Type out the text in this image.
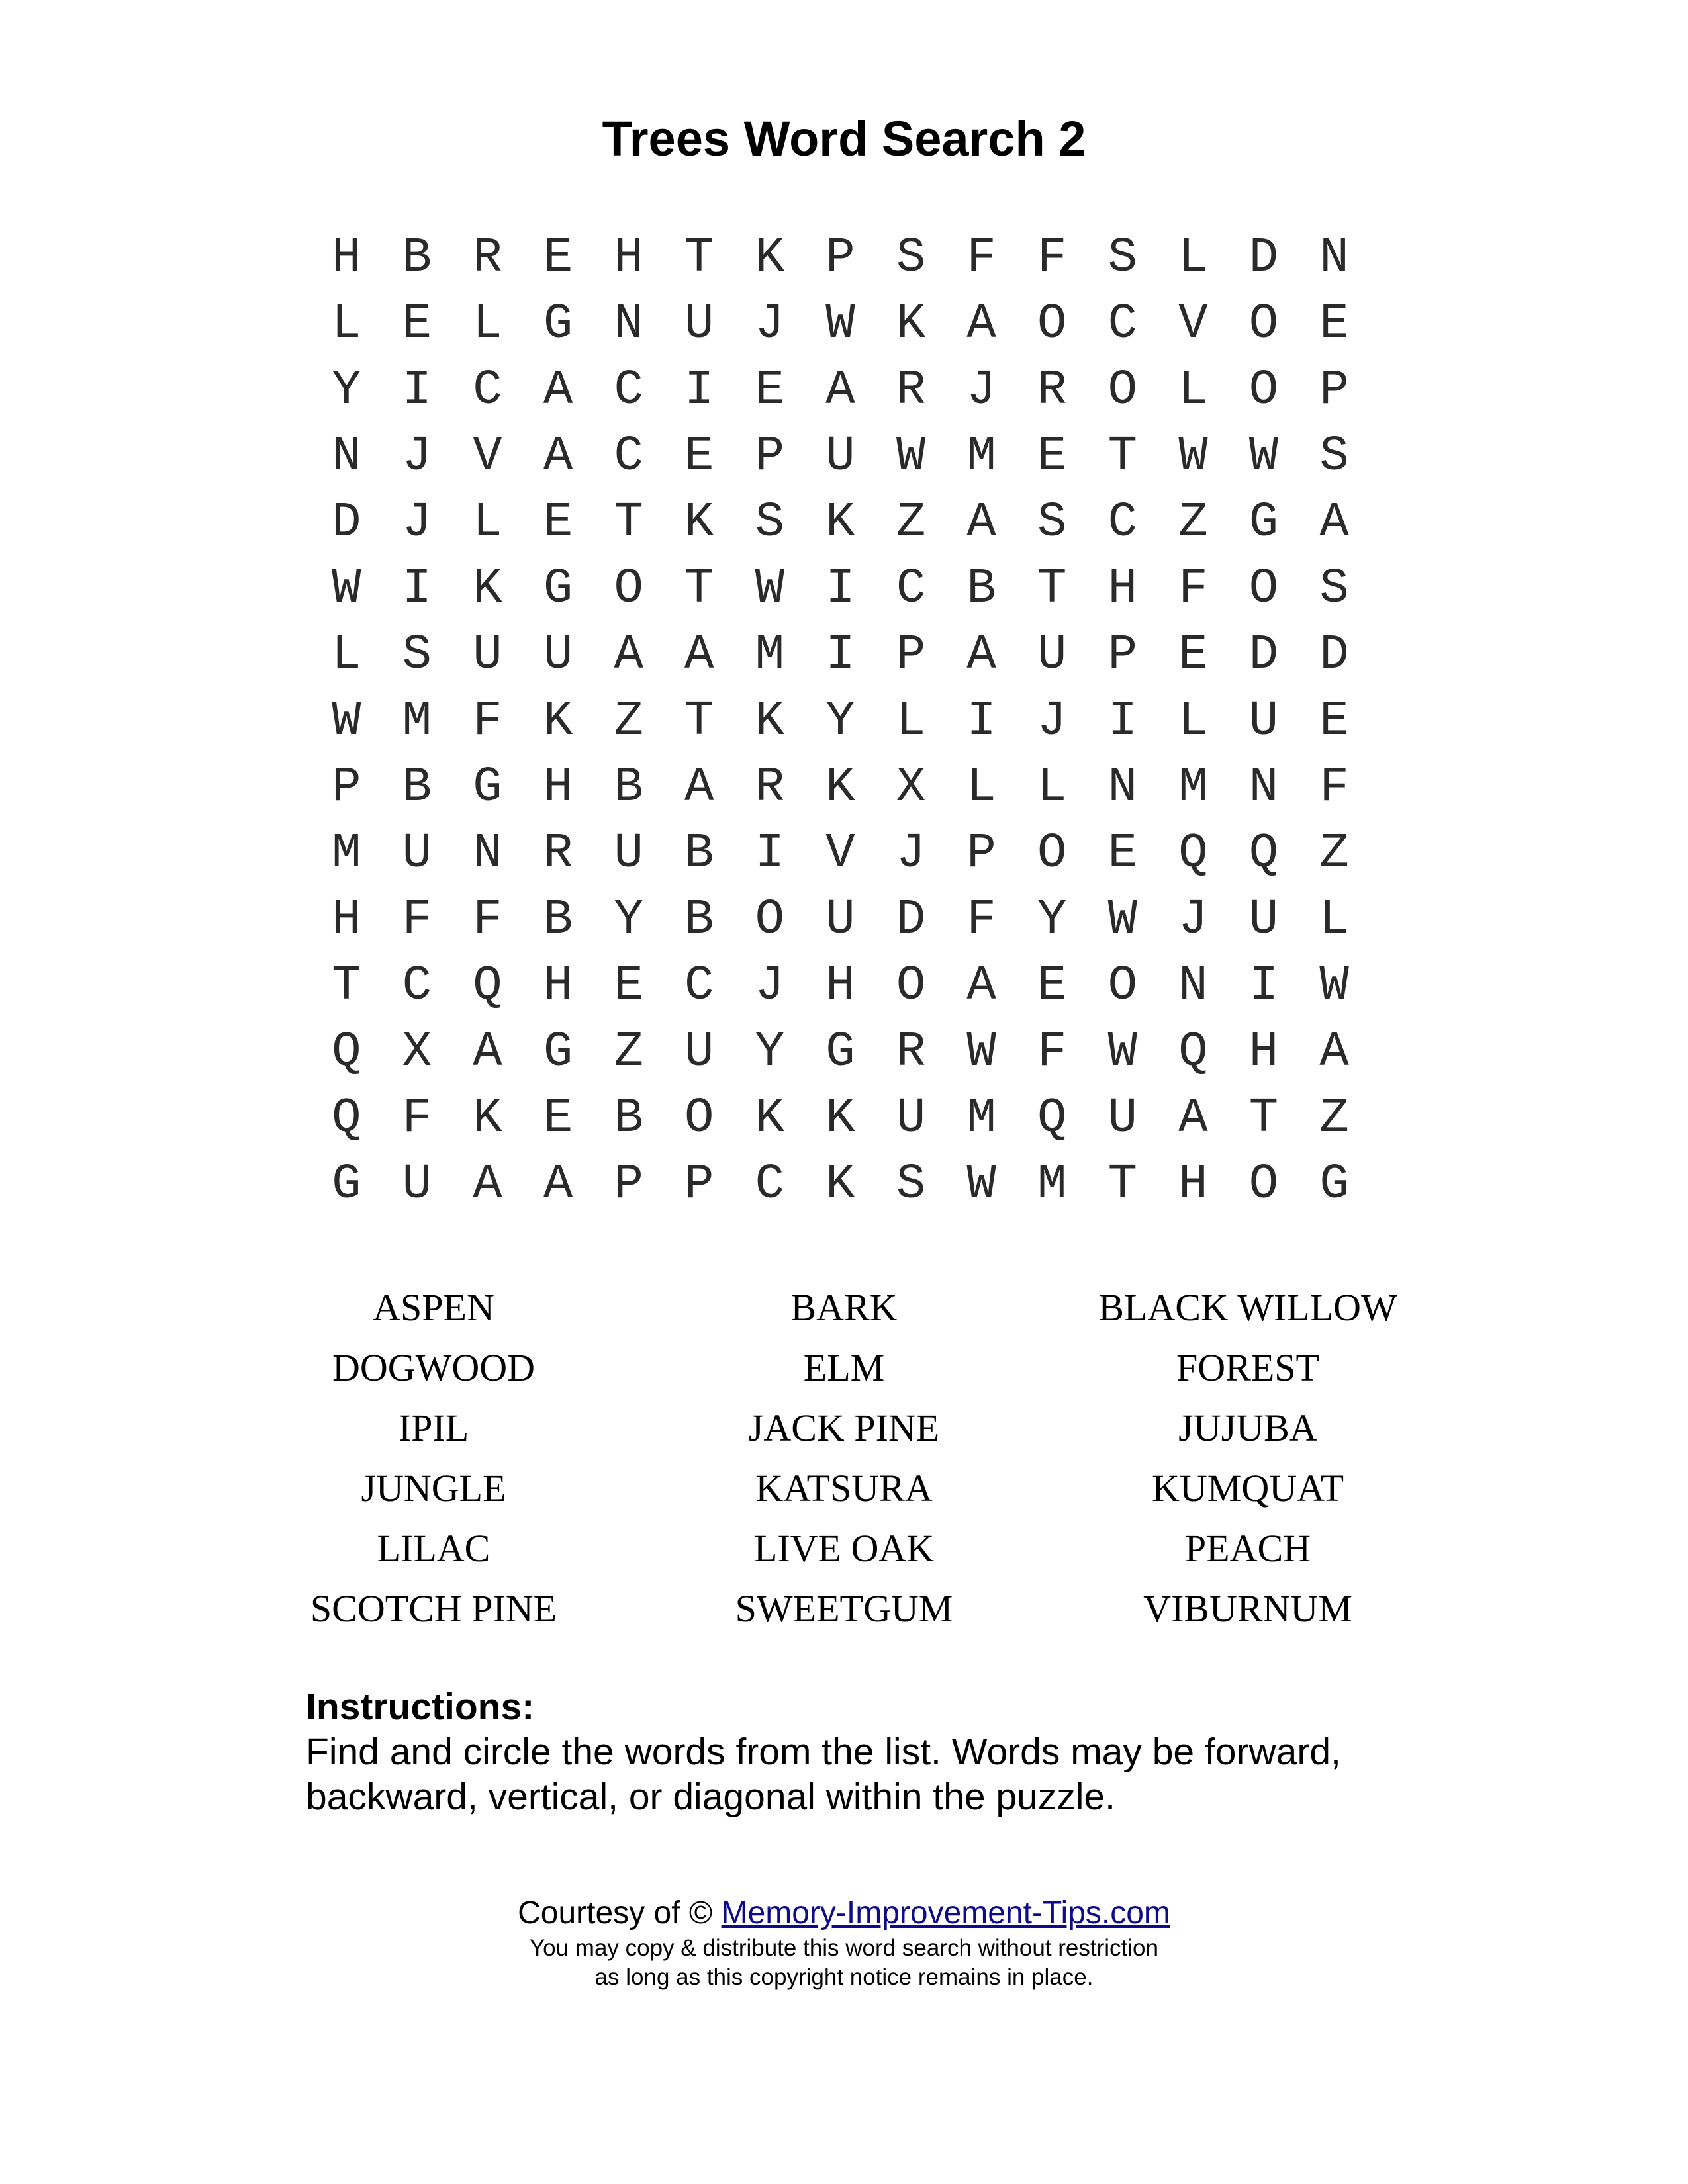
Trees Word Search 2
H B R E H T K P S F F S L D N
L E L G N U J W K A O C V O E
Y I C A C I E A R J R O L O P
N J V A C E P U W M E T W W S
D J L E T K S K Z A S C Z G A
W I K G O T W I C B T H F O S
L S U U A A M I P A U P E D D
W M F K Z T K Y L I J I L U E
P B G H B A R K X L L N M N F
M U N R U B I V J P O E Q Q Z
H F F B Y B O U D F Y W J U L
T C Q H E C J H O A E O N I W
Q X A G Z U Y G R W F W Q H A
Q F K E B O K K U M Q U A T Z
G U A A P P C K S W M T H O G
ASPEN	BARK	BLACK WILLOW
DOGWOOD	ELM	FOREST
IPIL	JACK PINE	JUJUBA
JUNGLE	KATSURA	KUMQUAT
LILAC	LIVE OAK	PEACH
SCOTCH PINE	SWEETGUM	VIBURNUM
Instructions:
Find and circle the words from the list. Words may be forward,
backward, vertical, or diagonal within the puzzle.
Courtesy of © Memory-Improvement-Tips.com
You may copy & distribute this word search without restriction
as long as this copyright notice remains in place.
